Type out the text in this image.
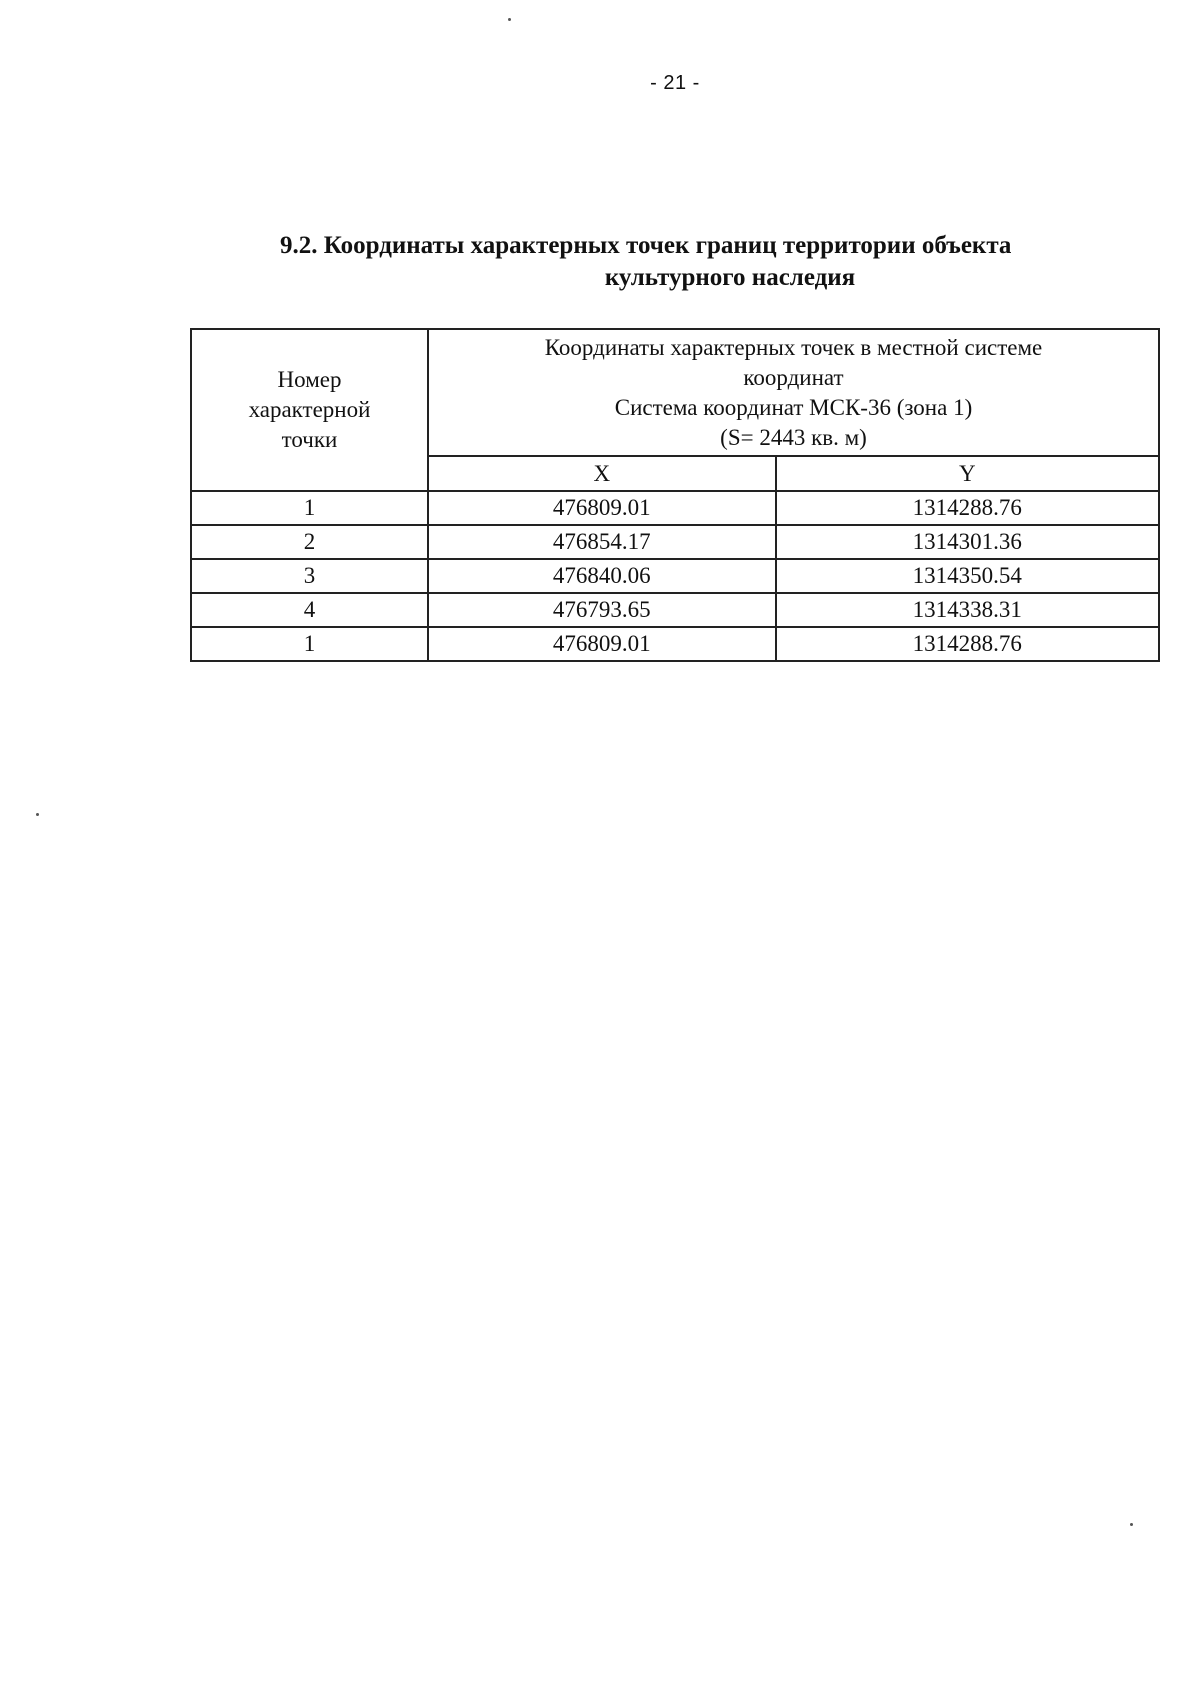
- 21 -
9.2. Координаты характерных точек границ территории объекта
культурного наследия
Номер
характерной
точки	Координаты характерных точек в местной системе
координат
Система координат МСК-36 (зона 1)
(S= 2443 кв. м)	

	X	Y
1	476809.01	1314288.76
2	476854.17	1314301.36
3	476840.06	1314350.54
4	476793.65	1314338.31
1	476809.01	1314288.76
